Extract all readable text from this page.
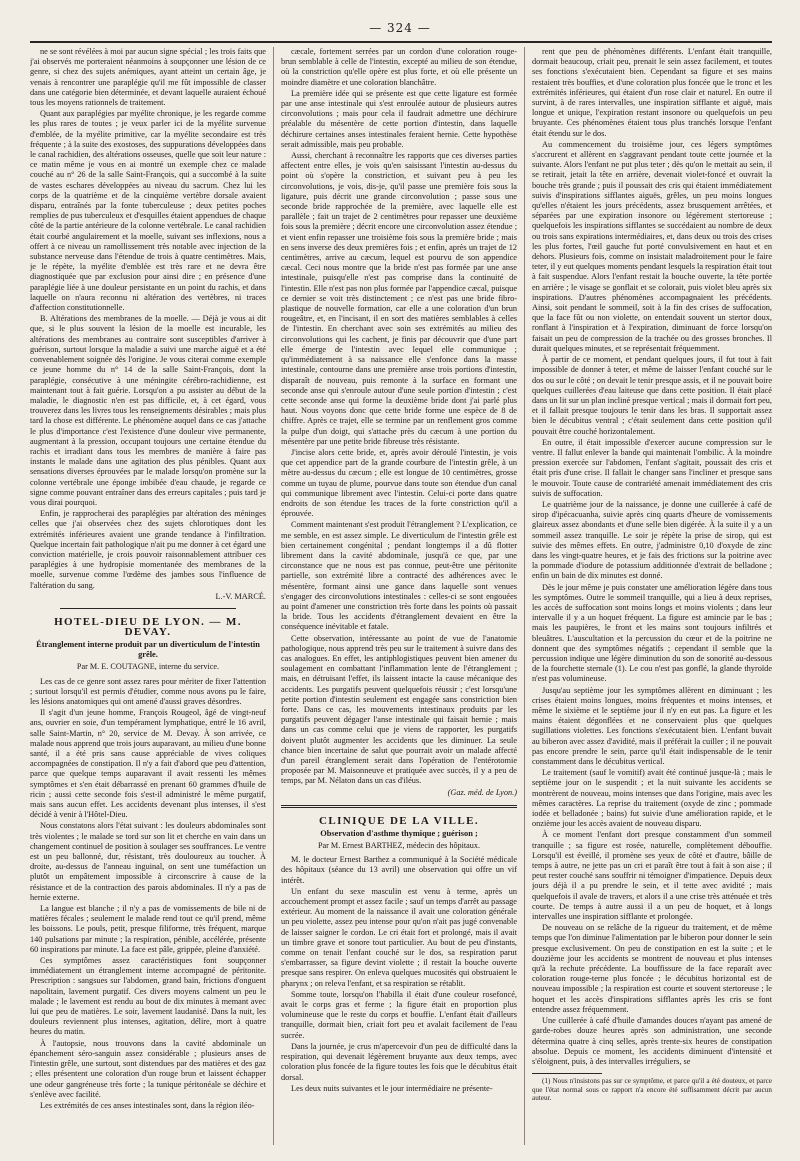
— 324 —

ne se sont révélées à moi par aucun signe spécial ; les trois faits que j'ai observés me porteraient néanmoins à soupçonner une lésion de ce genre, si chez des sujets anémiques, ayant atteint un certain âge, je venais à rencontrer une paraplégie qu'il me fût impossible de classer dans une catégorie bien déterminée, et devant laquelle auraient échoué tous les moyens rationnels de traitement.

Quant aux paraplégies par myélite chronique, je les regarde comme les plus rares de toutes ; je veux parler ici de la myélite survenue d'emblée, de la myélite primitive, car la myélite secondaire est très fréquente ; à la suite des exostoses, des suppurations développées dans le canal rachidien, des altérations osseuses, quelle que soit leur nature : ce matin même je vous en ai montré un exemple chez ce malade couché au n° 26 de la salle Saint-François, qui a succombé à la suite de vastes eschares développées au niveau du sacrum. Chez lui les corps de la quatrième et de la cinquième vertèbre dorsale avaient disparu, entraînés par la fonte tuberculeuse ; deux petites poches remplies de pus tuberculeux et d'esquilles étaient appendues de chaque côté de la partie antérieure de la colonne vertébrale. Le canal rachidien était courbé angulairement et la moelle, suivant ses inflexions, nous a offert à ce niveau un ramollissement très notable avec injection de la substance nerveuse dans l'étendue de trois à quatre centimètres. Mais, je le répète, la myélite d'emblée est très rare et ne devra être diagnostiquée que par exclusion pour ainsi dire ; en présence d'une paraplégie liée à une douleur persistante en un point du rachis, et dans laquelle on n'aura reconnu ni altération des vertèbres, ni traces d'affection constitutionnelle.

B. Altérations des membranes de la moelle. — Déjà je vous ai dit que, si le plus souvent la lésion de la moelle est incurable, les altérations des membranes au contraire sont susceptibles d'arriver à guérison, surtout lorsque la maladie a suivi une marche aiguë et a été convenablement soignée dès l'origine. Je vous citerai comme exemple ce jeune homme du n° 14 de la salle Saint-François, dont la paraplégie, consécutive à une méningite cérébro-rachidienne, est maintenant tout à fait guérie. Lorsqu'on a pu assister au début de la maladie, le diagnostic n'en est pas difficile, et, à cet égard, vous trouverez dans les livres tous les renseignements désirables ; mais plus tard la chose est différente. Le phénomène auquel dans ce cas j'attache le plus d'importance c'est l'existence d'une douleur vive permanente, augmentant à la pression, occupant toujours une certaine étendue du rachis et irradiant dans tous les membres de manière à faire pas instants le malade dans une agitation des plus pénibles. Quant aux sensations diverses éprouvées par le malade lorsqu'on promène sur la colonne vertébrale une éponge imbibée d'eau chaude, je regarde ce signe comme pouvant entraîner dans des erreurs capitales ; puis tard je vous dirai pourquoi.

Enfin, je rapprocherai des paraplégies par altération des méninges celles que j'ai observées chez des sujets chlorotiques dont les extrémités inférieures avaient une grande tendance à l'infiltration. Quelque incertain fait pathologique n'ait pu me donner à cet égard une conviction matérielle, je crois pouvoir raisonnablement attribuer ces paraplégies à une hydropisie momentanée des membranes de la moelle, survenue comme l'œdème des jambes sous l'influence de l'altération du sang.

L.-V. MARCÉ.

HOTEL-DIEU DE LYON. — M. DEVAY.
Étranglement interne produit par un diverticulum de l'intestin grêle.
Par M. E. COUTAGNE, interne du service.

Les cas de ce genre sont assez rares pour mériter de fixer l'attention ; surtout lorsqu'il est permis d'étudier, comme nous avons pu le faire, les lésions anatomiques qui ont amené d'aussi graves désordres.

Il s'agit d'un jeune homme, François Rougeol, âgé de vingt-neuf ans, ouvrier en soie, d'un tempérament lymphatique, entré le 16 avril, salle Saint-Martin, n° 20, service de M. Devay. À son arrivée, ce malade nous apprend que trois jours auparavant, au milieu d'une bonne santé, il a été pris sans cause appréciable de vives coliques accompagnées de constipation. Il n'y a fait d'abord que peu d'attention, parce que quelque temps auparavant il avait ressenti les mêmes symptômes et s'en était débarrassé en prenant 60 grammes d'huile de ricin ; aussi cette seconde fois s'est-il administré le même purgatif, mais sans aucun effet. Les accidents devenant plus intenses, il s'est décidé à venir à l'Hôtel-Dieu.

Nous constatons alors l'état suivant : les douleurs abdominales sont très violentes ; le malade se tord sur son lit et cherche en vain dans un changement continuel de position à soulager ses souffrances. Le ventre est un peu ballonné, dur, résistant, très douloureux au toucher. À droite, au-dessus de l'anneau inguinal, on sent une tuméfaction un plutôt un empâtement impossible à circonscrire à cause de la résistance et de la contraction des parois abdominales. Il n'y a pas de hernie externe.

La langue est blanche ; il n'y a pas de vomissements de bile ni de matières fécales ; seulement le malade rend tout ce qu'il prend, même les boissons. Le pouls, petit, presque filiforme, très fréquent, marque 140 pulsations par minute ; la respiration, pénible, accélérée, présente 60 inspirations par minute. La face est pâle, grippée, pleine d'anxiété.

Ces symptômes assez caractéristiques font soupçonner immédiatement un étranglement interne accompagné de péritonite. Prescription : sangsues sur l'abdomen, grand bain, frictions d'onguent napolitain, lavement purgatif. Ces divers moyens calment un peu le malade ; le lavement est rendu au bout de dix minutes à memant avec lui que peu de matières. Le soir, lavement laudanisé. Dans la nuit, les douleurs reviennent plus intenses, agitation, délire, mort à quatre heures du matin.

À l'autopsie, nous trouvons dans la cavité abdominale un épanchement séro-sanguin assez considérable ; plusieurs anses de l'intestin grêle, une surtout, sont distendues par des matières et des gaz ; elles présentent une coloration d'un rouge brun et laissent échapper une odeur gangréneuse très forte ; la tunique péritonéale se déchire et s'enlève avec facilité.

Les extrémités de ces anses intestinales sont, dans la région iléo-

cæcale, fortement serrées par un cordon d'une coloration rouge-brun semblable à celle de l'intestin, excepté au milieu de son étendue, où la constriction qu'elle opère est plus forte, et où elle présente un moindre diamètre et une coloration blanchâtre.

La première idée qui se présente est que cette ligature est formée par une anse intestinale qui s'est enroulée autour de plusieurs autres circonvolutions ; mais pour cela il faudrait admettre une déchirure préalable du mésentère de cette portion d'intestin, dans laquelle déchirure certaines anses intestinales feraient hernie. Cette hypothèse serait admissible, mais peu probable.

Aussi, cherchant à reconnaître les rapports que ces diverses parties affectent entre elles, je vois qu'en saisissant l'intestin au-dessus du point où s'opère la constriction, et suivant peu à peu les circonvolutions, je vois, dis-je, qu'il passe une première fois sous la ligature, puis décrit une grande circonvolution ; passe sous une seconde bride rapprochée de la première, avec laquelle elle est parallèle ; fait un trajet de 2 centimètres pour repasser une deuxième fois sous la première ; décrit encore une circonvolution assez étendue ; et vient enfin repasser une troisième fois sous la première bride ; mais en sens inverse des deux premières fois ; et enfin, après un trajet de 12 centimètres, arrive au cæcum, lequel est pourvu de son appendice cæcal. Ceci nous montre que la bride n'est pas formée par une anse intestinale, puisqu'elle n'est pas comprise dans la continuité de l'intestin. Elle n'est pas non plus formée par l'appendice cæcal, puisque ce dernier se voit très distinctement ; ce n'est pas une bride fibro-plastique de nouvelle formation, car elle a une coloration d'un brun rougeâtre, et, en l'incisant, il en sort des matières semblables à celles de l'intestin. En cherchant avec soin ses extrémités au milieu des circonvolutions qui les cachent, je finis par découvrir que d'une part elle émerge de l'intestin avec lequel elle communique ; qu'immédiatement à sa naissance elle s'enfonce dans la masse intestinale, contourne dans une première anse trois portions d'intestin, disparaît de nouveau, puis remonte à la surface en formant une seconde anse qui s'enroule autour d'une seule portion d'intestin ; c'est cette seconde anse qui forme la deuxième bride dont j'ai parlé plus haut. Nous voyons donc que cette bride forme une espèce de 8 de chiffre. Après ce trajet, elle se termine par un renflement gros comme la pulpe d'un doigt, qui s'attache près du cæcum à une portion du mésentère par une petite bride fibreuse très résistante.

J'incise alors cette bride, et, après avoir déroulé l'intestin, je vois que cet appendice part de la grande courbure de l'intestin grêle, à un mètre au-dessus du cæcum ; elle est longue de 10 centimètres, grosse comme un tuyau de plume, pourvue dans toute son étendue d'un canal qui communique librement avec l'intestin. Celui-ci porte dans quatre endroits de son étendue les traces de la forte constriction qu'il a éprouvée.

Comment maintenant s'est produit l'étranglement ? L'explication, ce me semble, en est assez simple. Le diverticulum de l'intestin grêle est bien certainement congénital ; pendant longtemps il a dû flotter librement dans la cavité abdominale, jusqu'à ce que, par une circonstance que ne nous est pas connue, peut-être une péritonite partielle, son extrémité libre a contracté des adhérences avec le mésentère, formant ainsi une gance dans laquelle sont venues s'engager des circonvolutions intestinales : celles-ci se sont engouées au point d'amener une constriction très forte dans les points où passait la bride. Tous les accidents d'étranglement devaient en être la conséquence inévitable et fatale.

Cette observation, intéressante au point de vue de l'anatomie pathologique, nous apprend très peu sur le traitement à suivre dans des cas analogues. En effet, les antiphlogistiques peuvent bien amener du soulagement en combattant l'inflammation lente de l'étranglement ; mais, en détruisant l'effet, ils laissent intacte la cause mécanique des accidents. Les purgatifs peuvent quelquefois réussir ; c'est lorsqu'une petite portion d'intestin seulement est engagée sans constriction bien forte. Dans ce cas, les mouvements intestinaux produits par les purgatifs peuvent dégager l'anse intestinale qui faisait hernie ; mais dans un cas comme celui que je viens de rapporter, les purgatifs doivent plutôt augmenter les accidents que les diminuer. La seule chance bien incertaine de salut que pourrait avoir un malade affecté d'un pareil étranglement serait dans l'opération de l'entérotomie proposée par M. Maisonneuve et pratiquée avec succès, il y a peu de temps, par M. Nélaton dans un cas d'iléus.

(Gaz. méd. de Lyon.)

CLINIQUE DE LA VILLE.
Observation d'asthme thymique ; guérison ;
Par M. Ernest BARTHEZ, médecin des hôpitaux.

M. le docteur Ernest Barthez a communiqué à la Société médicale des hôpitaux (séance du 13 avril) une observation qui offre un vif intérêt.

Un enfant du sexe masculin est venu à terme, après un accouchement prompt et assez facile ; sauf un temps d'arrêt au passage extérieur. Au moment de la naissance il avait une coloration générale un peu violette, assez peu intense pour qu'on n'ait pas jugé convenable de laisser saigner le cordon. Le cri était fort et prolongé, mais il avait un timbre grave et sonore tout particulier. Au bout de peu d'instants, comme on tenait l'enfant couché sur le dos, sa respiration parut s'embarrasser, sa figure devint violette ; il restait la bouche ouverte presque sans respirer. On enleva quelques mucosités qui obstruaient le pharynx ; on releva l'enfant, et sa respiration se rétablit.

Somme toute, lorsqu'on l'habilla il était d'une couleur rosefoncé, avait le corps gras et ferme ; la figure était en proportion plus volumineuse que le reste du corps et bouffie. L'enfant était d'ailleurs tranquille, dormait bien, criait fort peu et avalait facilement de l'eau sucrée.

Dans la journée, je crus m'apercevoir d'un peu de difficulté dans la respiration, qui devenait légèrement bruyante aux deux temps, avec coloration plus foncée de la figure toutes les fois que le décubitus était dorsal.

Les deux nuits suivantes et le jour intermédiaire ne présente-

rent que peu de phénomènes différents. L'enfant était tranquille, dormait beaucoup, criait peu, prenait le sein assez facilement, et toutes ses fonctions s'exécutaient bien. Cependant sa figure et ses mains restaient très bouffies, et d'une coloration plus foncée que le tronc et les extrémités inférieures, qui étaient d'un rose clair et naturel. En outre il survint, à de rares intervalles, une inspiration sifflante et aiguë, mais longue et unique, l'expiration restant insonore ou quelquefois un peu bruyante. Ces phénomènes étaient tous plus tranchés lorsque l'enfant était étendu sur le dos.

Au commencement du troisième jour, ces légers symptômes s'accrurent et allèrent en s'aggravant pendant toute cette journée et la suivante. Alors l'enfant ne put plus teter ; dès qu'on le mettait au sein, il se retirait, jetait la tête en arrière, devenait violet-foncé et ouvrait la bouche très grande ; puis il poussait des cris qui étaient immédiatement suivis d'inspirations sifflantes aiguës, grêles, un peu moins longues qu'elles n'étaient les jours précédents, assez brusquement arrêtées, et séparées par une expiration insonore ou légèrement stertoreuse ; quelquefois les inspirations sifflantes se succédaient au nombre de deux ou trois sans expirations intermédiaires, et, dans deux ou trois des crises les plus fortes, l'œil gauche fut porté convulsivement en haut et en dehors. Plusieurs fois, comme on insistait maladroitement pour le faire teter, il y eut quelques moments pendant lesquels la respiration était tout à fait suspendue. Alors l'enfant restait la bouche ouverte, la tête portée en arrière ; le visage se gonflait et se colorait, puis violet bleu après six inspirations. D'autres phénomènes accompagnaient les précédents. Ainsi, soit pendant le sommeil, soit à la fin des crises de suffocation, que la face fût ou non violette, on entendait souvent un stertor doux, ronflant à l'inspiration et à l'expiration, diminuant de force lorsqu'on faisait un peu de compression de la trachée ou des grosses bronches. Il durait quelques minutes, et se représentait fréquemment.

À partir de ce moment, et pendant quelques jours, il fut tout à fait impossible de donner à teter, et même de laisser l'enfant couché sur le dos ou sur le côté ; on devait le tenir presque assis, et il ne pouvait boire quelques cuillerées d'eau laiteuse que dans cette position. Il était placé dans un lit sur un plan incliné presque vertical ; mais il dormait fort peu, et il fallait presque toujours le tenir dans les bras. Il supportait assez bien le décubitus ventral ; c'était seulement dans cette position qu'il pouvait être couché horizontalement.

En outre, il était impossible d'exercer aucune compression sur le ventre. Il fallut enlever la bande qui maintenait l'ombilic. À la moindre pression exercée sur l'abdomen, l'enfant s'agitait, poussait des cris et était pris d'une crise. Il fallait le changer sans l'incliner et presque sans le mouvoir. Toute cause de contrariété amenait immédiatement des cris suivis de suffocation.

Le quatrième jour de la naissance, je donne une cuillerée à café de sirop d'ipécacuanha, suivie après cinq quarts d'heure de vomissements glaireux assez abondants et d'une selle bien digérée. À la suite il y a un sommeil assez tranquille. Le soir je répète la prise de sirop, qui est suivie des mêmes effets. En outre, j'administre 0,10 d'oxyde de zinc dans les vingt-quatre heures, et je fais des frictions sur la poitrine avec la pommade d'iodure de potassium additionnée d'extrait de belladone ; enfin un bain de dix minutes est donné.

Dès le jour même je puis constater une amélioration légère dans tous les symptômes. Outre le sommeil tranquille, qui a lieu à deux reprises, les accès de suffocation sont moins longs et moins violents ; dans leur intervalle il y a un hoquet fréquent. La figure est amincie par le bas ; mais les paupières, le front et les mains sont toujours infiltrés et bleuâtres. L'auscultation et la percussion du cœur et de la poitrine ne donnent que des symptômes négatifs ; cependant il semble que la percussion indique une légère diminution du son de sonorité au-dessous de la fourchette sternale (1). Le cou n'est pas gonflé, la glande thyroïde n'est pas volumineuse.

Jusqu'au septième jour les symptômes allèrent en diminuant ; les crises étaient moins longues, moins fréquentes et moins intenses, et même le sixième et le septième jour il n'y en eut pas. La figure et les mains étaient dégonflées et ne conservaient plus que quelques sugillations violettes. Les fonctions s'exécutaient bien. L'enfant buvait au biberon avec assez d'avidité, mais il préférait la cuiller ; il ne pouvait pas encore prendre le sein, parce qu'il était indispensable de le tenir constamment dans le décubitus vertical.

Le traitement (sauf le vomitif) avait été continué jusque-là ; mais le septième jour on le suspendit ; et la nuit suivante les accidents se montrèrent de nouveau, moins intenses que dans l'origine, mais avec les mêmes caractères. La reprise du traitement (oxyde de zinc ; pommade iodée et belladonée ; bains) fut suivie d'une amélioration rapide, et le onzième jour les accès avaient de nouveau disparu.

À ce moment l'enfant dort presque constamment d'un sommeil tranquille ; sa figure est rosée, naturelle, complètement débouffie. Lorsqu'il est éveillé, il promène ses yeux de côté et d'autre, bâille de temps à autre, ne jette pas un cri et paraît être tout à fait à son aise ; il peut rester couché sans souffrir ni témoigner d'impatience. Depuis deux jours déjà il a pu prendre le sein, et il tette avec avidité ; mais quelquefois il avale de travers, et alors il a une crise très atténuée et très courte. De temps à autre aussi il a un peu de hoquet, et à longs intervalles une inspiration sifflante et prolongée.

De nouveau on se relâche de la rigueur du traitement, et de même temps que l'on diminue l'alimentation par le biberon pour donner le sein presque exclusivement. On peu de constipation en est la suite ; et le douzième jour les accidents se montrent de nouveau et plus intenses qu'à la rechute précédente. La bouffissure de la face reparaît avec coloration rouge-terne plus foncée ; le décubitus horizontal est de nouveau impossible ; la respiration est courte et souvent stertoreuse ; le hoquet et les accès d'inspirations sifflantes après les cris se font entendre assez fréquemment.

Une cuillerée à café d'huile d'amandes douces n'ayant pas amené de garde-robes douze heures après son administration, une seconde détermina quatre à cinq selles, après trente-six heures de constipation absolue. Depuis ce moment, les accidents diminuent d'intensité et s'éloignent, puis, à des intervalles irréguliers, se

(1) Nous n'insistons pas sur ce symptôme, et parce qu'il a été douteux, et parce que l'état normal sous ce rapport n'a encore été suffisamment décrit par aucun auteur.
